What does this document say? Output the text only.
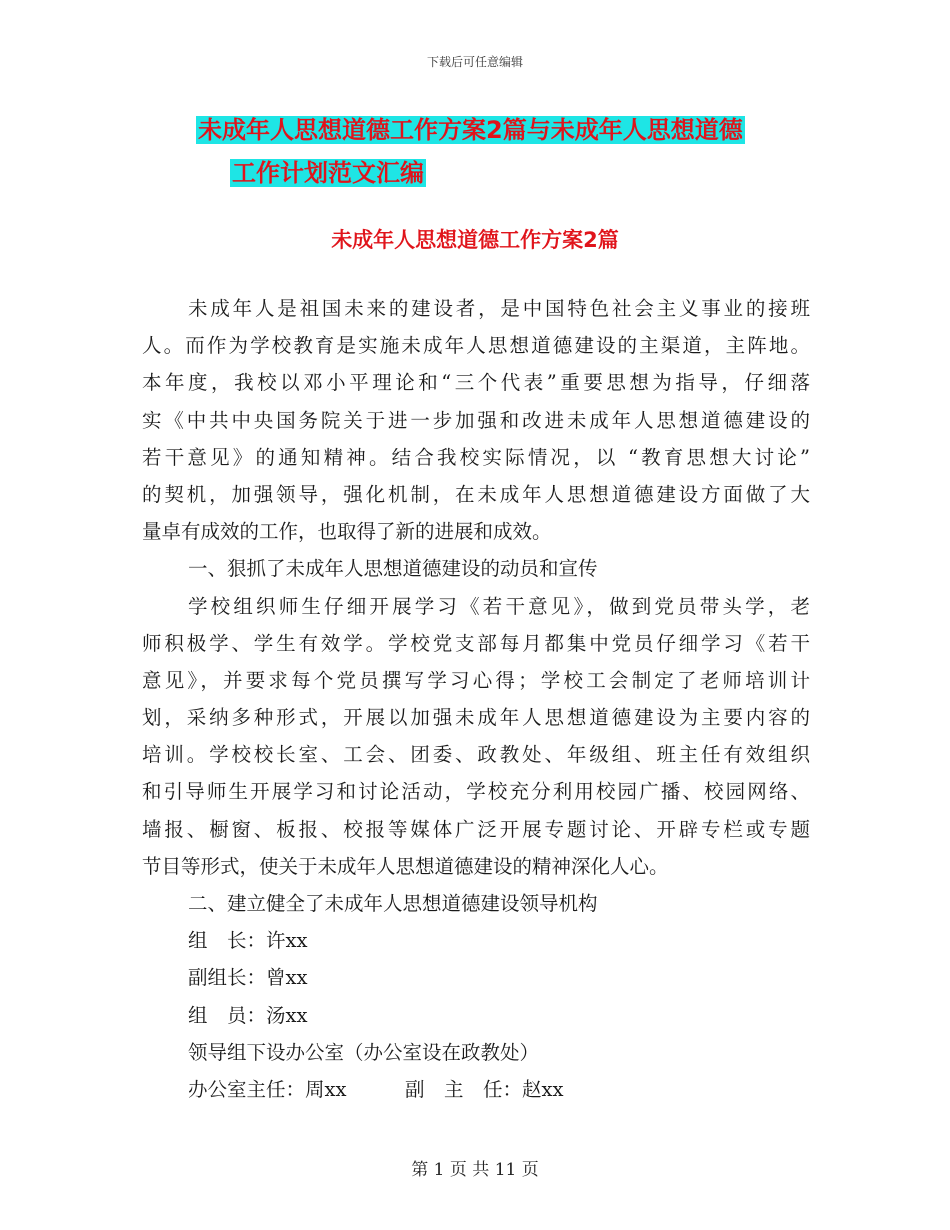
下载后可任意编辑
未成年人思想道德工作方案2篇与未成年人思想道德
工作计划范文汇编
未成年人思想道德工作方案2篇
未成年人是祖国未来的建设者，是中国特色社会主义事业的接班
人。而作为学校教育是实施未成年人思想道德建设的主渠道，主阵地。
本年度，我校以邓小平理论和“三个代表”重要思想为指导，仔细落
实《中共中央国务院关于进一步加强和改进未成年人思想道德建设的
若干意见》的通知精神。结合我校实际情况，以 “教育思想大讨论”
的契机，加强领导，强化机制，在未成年人思想道德建设方面做了大
量卓有成效的工作，也取得了新的进展和成效。
一、狠抓了未成年人思想道德建设的动员和宣传
学校组织师生仔细开展学习《若干意见》，做到党员带头学，老
师积极学、学生有效学。学校党支部每月都集中党员仔细学习《若干
意见》，并要求每个党员撰写学习心得；学校工会制定了老师培训计
划，采纳多种形式，开展以加强未成年人思想道德建设为主要内容的
培训。学校校长室、工会、团委、政教处、年级组、班主任有效组织
和引导师生开展学习和讨论活动，学校充分利用校园广播、校园网络、
墙报、橱窗、板报、校报等媒体广泛开展专题讨论、开辟专栏或专题
节目等形式，使关于未成年人思想道德建设的精神深化人心。
二、建立健全了未成年人思想道德建设领导机构
组　长：许xx
副组长：曾xx
组　员：汤xx
领导组下设办公室（办公室设在政教处）
办公室主任：周xx　　　副　主　任：赵xx
第 1 页 共 11 页
